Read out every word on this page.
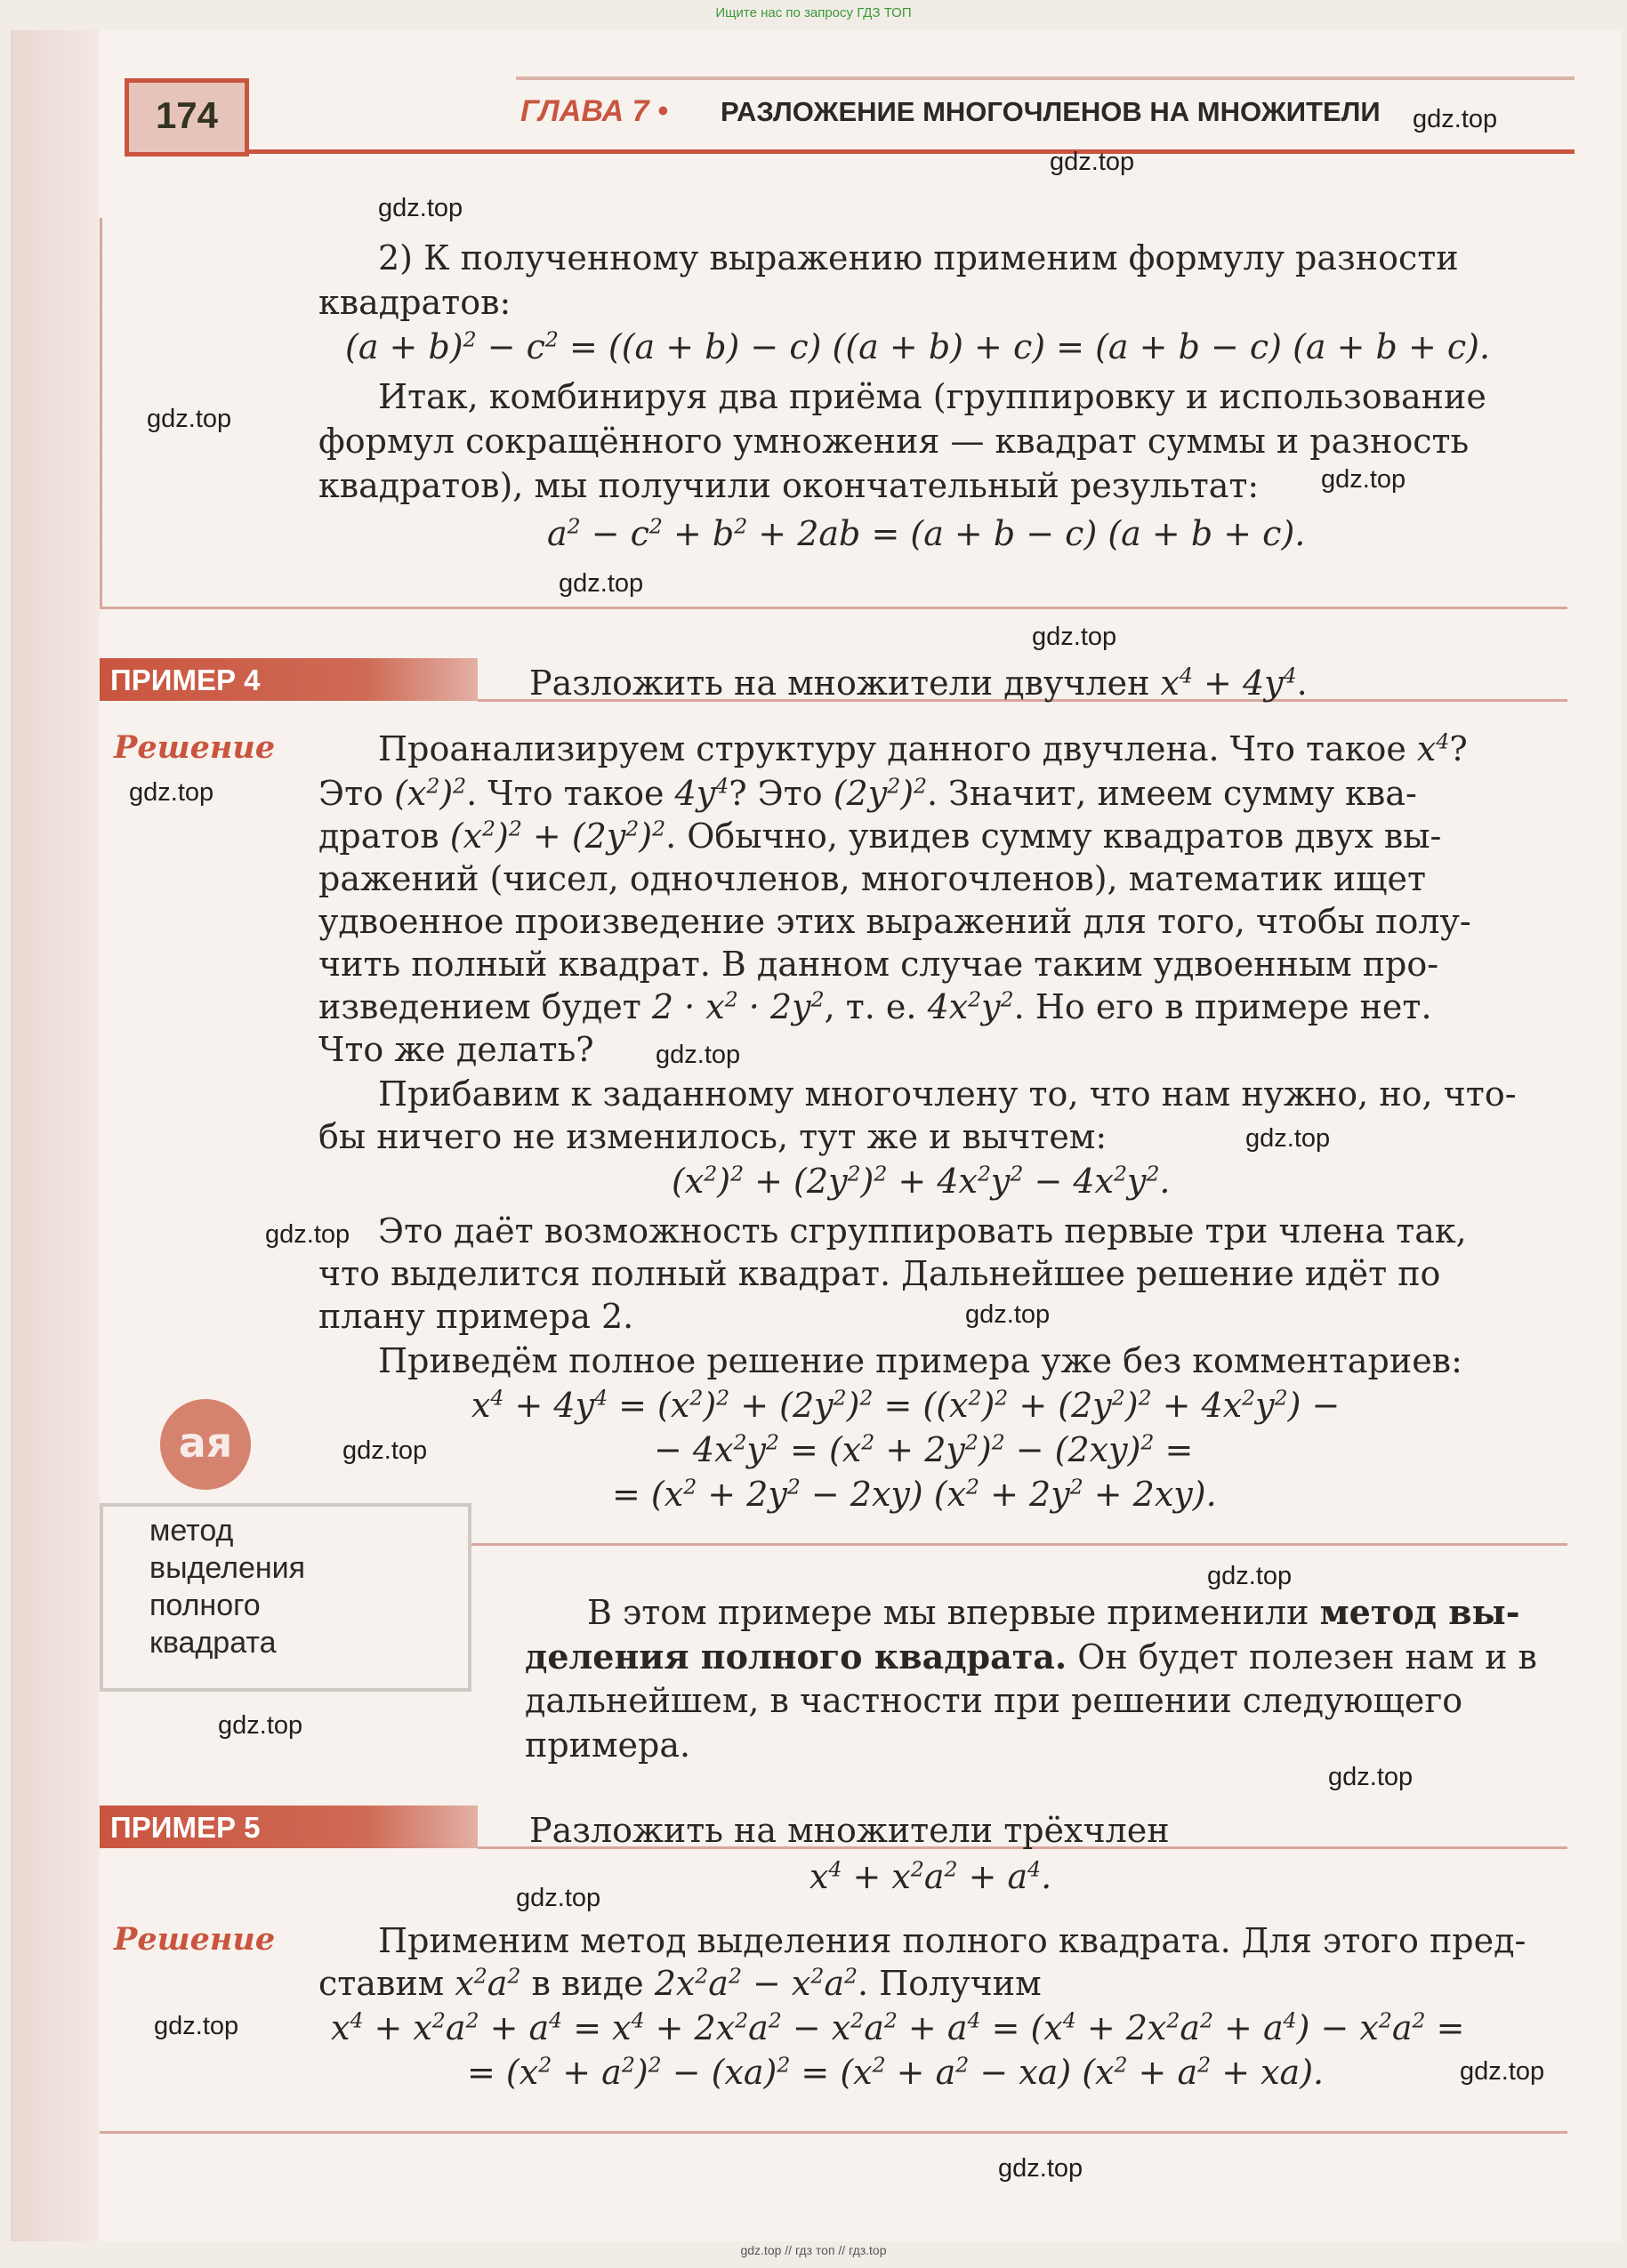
Ищите нас по запросу ГДЗ ТОП
174	ГЛАВА 7 • РАЗЛОЖЕНИЕ МНОГОЧЛЕНОВ НА МНОЖИТЕЛИ gdz.top
gdz.top
gdz.top
gdz.top
gdz.top
gdz.top
gdz.top
gdz.top
gdz.top
gdz.top
gdz.top
gdz.top
gdz.top
gdz.top
gdz.top
gdz.top
gdz.top
gdz.top
gdz.top
gdz.top
2) К полученному выражению применим формулу разности
квадратов:
$(a + b)^2 - c^2 = ((a + b) - c)$ ((a + b) + c) = (a + b − c) (a + b + c).
Итак, комбинируя два приёма (группировку и использование
формул сокращённого умножения — квадрат суммы и разность
квадратов), мы получили окончательный результат:
$a^2 - c^2 + b^2 + 2ab = (a + b - c) (a + b + c)$.
ПРИМЕР 4	Разложить на множители двучлен $x^4 + 4y^4$.
Решение	Проанализируем структуру данного двучлена. Что такое $x^4$?
Это $(x^2)^2$. Что такое $4y^4$? Это $(2y^2)^2$. Значит, имеем сумму ква-
дратов $(x^2)^2 + (2y^2)^2$. Обычно, увидев сумму квадратов двух вы-
ражений (чисел, одночленов, многочленов), математик ищет
удвоенное произведение этих выражений для того, чтобы полу-
чить полный квадрат. В данном случае таким удвоенным про-
изведением будет $2 \cdot x^2 \cdot 2y^2$, т. е. $4x^2y^2$. Но его в примере нет.
Что же делать?
Прибавим к заданному многочлену то, что нам нужно, но, что-
бы ничего не изменилось, тут же и вычтем:
$(x^2)^2 + (2y^2)^2 + 4x^2y^2 - 4x^2y^2$.
Это даёт возможность сгруппировать первые три члена так,
что выделится полный квадрат. Дальнейшее решение идёт по
плану примера 2.
Приведём полное решение примера уже без комментариев:
$x^4 + 4y^4 = (x^2)^2 + (2y^2)^2 = ((x^2)^2 + (2y^2)^2 + 4x^2y^2)$ −
− $4x^2y^2 = (x^2 + 2y^2)^2 - (2xy)^2$ =
= $(x^2 + 2y^2 - 2xy) (x^2 + 2y^2 + 2xy)$.
ая
метод
выделения
полного
квадрата
В этом примере мы впервые применили метод вы-
деления полного квадрата. Он будет полезен нам и в
дальнейшем, в частности при решении следующего
примера.
ПРИМЕР 5	Разложить на множители трёхчлен
$x^4 + x^2a^2 + a^4$.
Решение	Применим метод выделения полного квадрата. Для этого пред-
ставим $x^2a^2$ в виде $2x^2a^2 - x^2a^2$. Получим
$x^4 + x^2a^2 + a^4 = x^4 + 2x^2a^2 - x^2a^2 + a^4 = (x^4 + 2x^2a^2 + a^4) - x^2a^2$ =
= $(x^2 + a^2)^2 - (xa)^2 = (x^2 + a^2 - xa) (x^2 + a^2 + xa)$.
gdz.top // гдз топ // гдз.top
